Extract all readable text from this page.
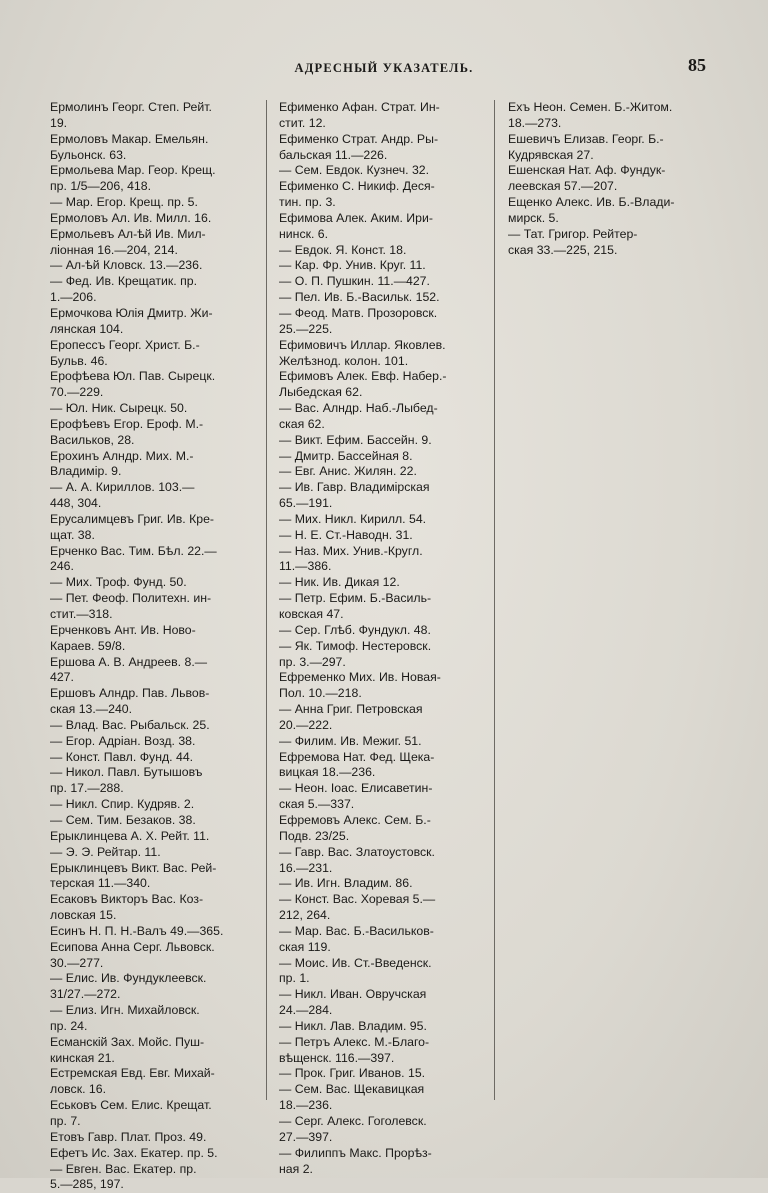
АДРЕСНЫЙ УКАЗАТЕЛЬ.	85
Ермолинъ Георг. Степ. Рейт.
19.
Ермоловъ Макар. Емельян.
Бульонск. 63.
Ермольева Мар. Геор. Крещ.
пр. 1/5—206, 418.
— Мар. Егор. Крещ. пр. 5.
Ермоловъ Ал. Ив. Милл. 16.
Ермольевъ Ал-ѣй Ив. Мил-
лiонная 16.—204, 214.
— Ал-ѣй Кловск. 13.—236.
— Фед. Ив. Крещатик. пр.
1.—206.
Ермочкова Юлiя Дмитр. Жи-
лянская 104.
Еропессъ Георг. Христ. Б.-
Бульв. 46.
Ерофѣева Юл. Пав. Сырецк.
70.—229.
— Юл. Ник. Сырецк. 50.
Ерофѣевъ Егор. Ероф. М.-
Васильков, 28.
Ерохинъ Алндр. Мих. М.-
Владимiр. 9.
— А. А. Кириллов. 103.—
448, 304.
Ерусалимцевъ Григ. Ив. Кре-
щат. 38.
Ерченко Вас. Тим. Бѣл. 22.—
246.
— Мих. Троф. Фунд. 50.
— Пет. Феоф. Политехн. ин-
стит.—318.
Ерченковъ Ант. Ив. Ново-
Караев. 59/8.
Ершова А. В. Андреев. 8.—
427.
Ершовъ Алндр. Пав. Львов-
ская 13.—240.
— Влад. Вас. Рыбальск. 25.
— Егор. Адрiан. Возд. 38.
— Конст. Павл. Фунд. 44.
— Никол. Павл. Бутышовъ
пр. 17.—288.
— Никл. Спир. Кудряв. 2.
— Сем. Тим. Безаков. 38.
Ерыклинцева А. Х. Рейт. 11.
— Э. Э. Рейтар. 11.
Ерыклинцевъ Викт. Вас. Рей-
терская 11.—340.
Есаковъ Викторъ Вас. Коз-
ловская 15.
Есинъ Н. П. Н.-Валъ 49.—365.
Есипова Анна Серг. Львовск.
30.—277.
— Елис. Ив. Фундуклеевск.
31/27.—272.
— Елиз. Игн. Михайловск.
пр. 24.
Есманскiй Зах. Мойс. Пуш-
кинская 21.
Естремская Евд. Евг. Михай-
ловск. 16.
Еськовъ Сем. Елис. Крещат.
пр. 7.
Етовъ Гавр. Плат. Проз. 49.
Ефетъ Ис. Зах. Екатер. пр. 5.
— Евген. Вас. Екатер. пр.
5.—285, 197.
Ефименко Афан. Страт. Ин-
стит. 12.
Ефименко Страт. Андр. Ры-
бальская 11.—226.
— Сем. Евдок. Кузнеч. 32.
Ефименко С. Никиф. Деся-
тин. пр. 3.
Ефимова Алек. Аким. Ири-
нинск. 6.
— Евдок. Я. Конст. 18.
— Кар. Фр. Унив. Круг. 11.
— О. П. Пушкин. 11.—427.
— Пел. Ив. Б.-Васильк. 152.
— Феод. Матв. Прозоровск.
25.—225.
Ефимовичъ Иллар. Яковлев.
Желѣзнод. колон. 101.
Ефимовъ Алек. Евф. Набер.-
Лыбедская 62.
— Вас. Алндр. Наб.-Лыбед-
ская 62.
— Викт. Ефим. Бассейн. 9.
— Дмитр. Бассейная 8.
— Евг. Анис. Жилян. 22.
— Ив. Гавр. Владимiрская
65.—191.
— Мих. Никл. Кирилл. 54.
— Н. Е. Ст.-Наводн. 31.
— Наз. Мих. Унив.-Кругл.
11.—386.
— Ник. Ив. Дикая 12.
— Петр. Ефим. Б.-Василь-
ковская 47.
— Сер. Глѣб. Фундукл. 48.
— Як. Тимоф. Нестеровск.
пр. 3.—297.
Ефременко Мих. Ив. Новая-
Пол. 10.—218.
— Анна Григ. Петровская
20.—222.
— Филим. Ив. Межиг. 51.
Ефремова Нат. Фед. Щека-
вицкая 18.—236.
— Неон. Iоас. Елисаветин-
ская 5.—337.
Ефремовъ Алекс. Сем. Б.-
Подв. 23/25.
— Гавр. Вас. Златоустовск.
16.—231.
— Ив. Игн. Владим. 86.
— Конст. Вас. Хоревая 5.—
212, 264.
— Мар. Вас. Б.-Васильков-
ская 119.
— Моис. Ив. Ст.-Введенск.
пр. 1.
— Никл. Иван. Овручская
24.—284.
— Никл. Лав. Владим. 95.
— Петръ Алекс. М.-Благо-
вѣщенск. 116.—397.
— Прок. Григ. Иванов. 15.
— Сем. Вас. Щекавицкая
18.—236.
— Серг. Алекс. Гоголевск.
27.—397.
— Филиппъ Макс. Прорѣз-
ная 2.
Ехъ Неон. Семен. Б.-Житом.
18.—273.
Ешевичъ Елизав. Георг. Б.-
Кудрявская 27.
Ешенская Нат. Аф. Фундук-
леевская 57.—207.
Ещенко Алекс. Ив. Б.-Влади-
мирск. 5.
— Тат. Григор. Рейтер-
ская 33.—225, 215.
